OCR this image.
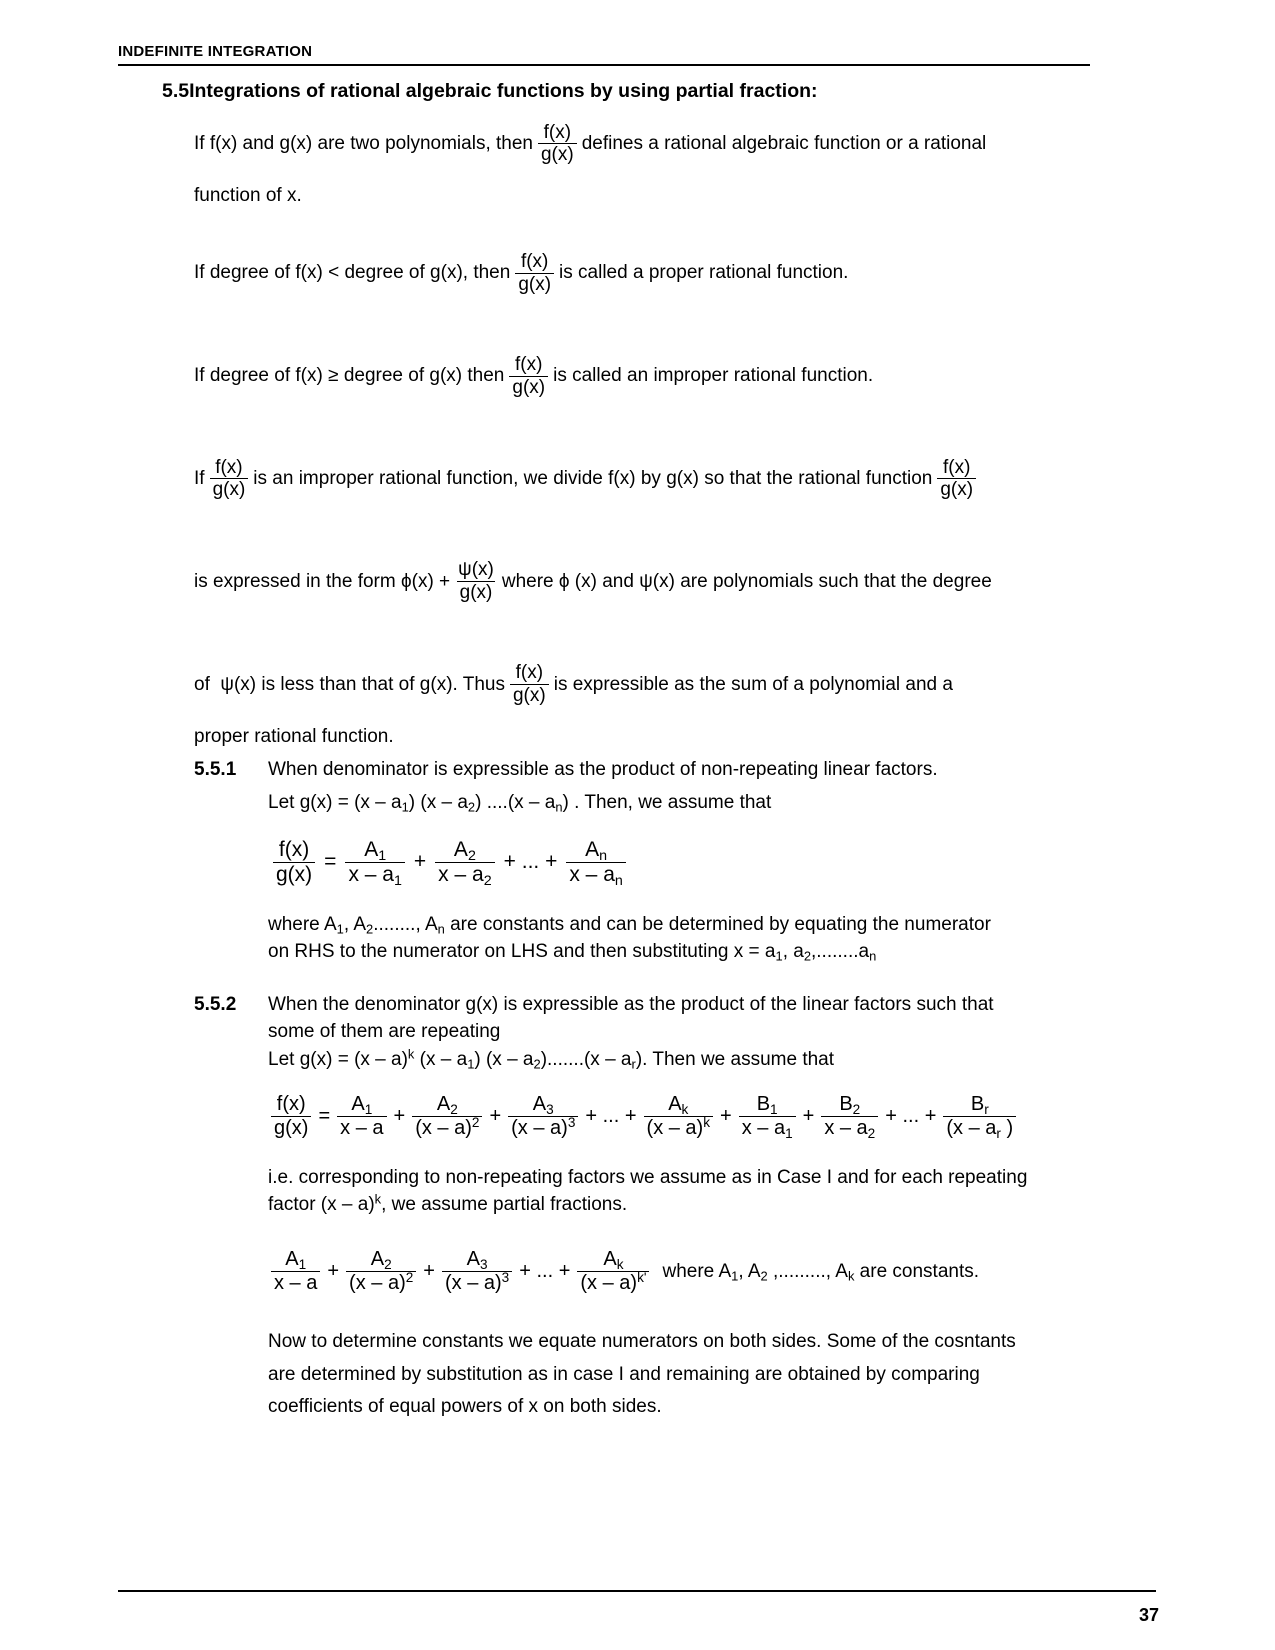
INDEFINITE INTEGRATION
5.5Integrations of rational algebraic functions by using partial fraction:
If f(x) and g(x) are two polynomials, then $\frac{f(x)}{g(x)}$ defines a rational algebraic function or a rational
function of x.
If degree of f(x) < degree of g(x), then $\frac{f(x)}{g(x)}$ is called a proper rational function.
If degree of f(x) ≥ degree of g(x) then $\frac{f(x)}{g(x)}$ is called an improper rational function.
If $\frac{f(x)}{g(x)}$ is an improper rational function, we divide f(x) by g(x) so that the rational function $\frac{f(x)}{g(x)}$
is expressed in the form $\phi(x) + \frac{\psi(x)}{g(x)}$ where ϕ (x) and ψ(x) are polynomials such that the degree
of  ψ(x) is less than that of g(x). Thus $\frac{f(x)}{g(x)}$ is expressible as the sum of a polynomial and a
proper rational function.
5.5.1	When denominator is expressible as the product of non-repeating linear factors.
Let $g(x) = (x - a_1)$ $(x - a_2)$ $....(x - a_n)$ . Then, we assume that
$\frac{f(x)}{g(x)} = \frac{A_1}{x - a_1} + \frac{A_2}{x - a_2}$ + ... + $\frac{A_n}{x - a_n}$
where $A_1$, $A_2$........, $A_n$ are constants and can be determined by equating the numerator
on RHS to the numerator on LHS and then substituting $x = a_1$, $a_2,........a_n$
5.5.2	When the denominator g(x) is expressible as the product of the linear factors such that
some of them are repeating
Let g(x) = (x – a)$^k$ $(x - a_1)$ $(x - a_2).......(x - a_r)$. Then we assume that
$\frac{f(x)}{g(x)} = \frac{A_1}{x - a} + \frac{A_2}{(x - a)^2} + \frac{A_3}{(x - a)^3}$ + ... + $\frac{A_k}{(x - a)^k} + \frac{B_1}{x - a_1} + \frac{B_2}{x - a_2}$ + ... + $\frac{B_r}{(x - a_r )}$
i.e. corresponding to non-repeating factors we assume as in Case I and for each repeating
factor (x – a)$^k$, we assume partial fractions.
$\frac{A_1}{x - a} + \frac{A_2}{(x - a)^2} + \frac{A_3}{(x - a)^3}$ + ... + $\frac{A_k}{(x - a)^{k'}}$ where $A_1$, $A_2$ ,........., $A_k$ are constants.
Now to determine constants we equate numerators on both sides. Some of the cosntants
are determined by substitution as in case I and remaining are obtained by comparing
coefficients of equal powers of x on both sides.
37
